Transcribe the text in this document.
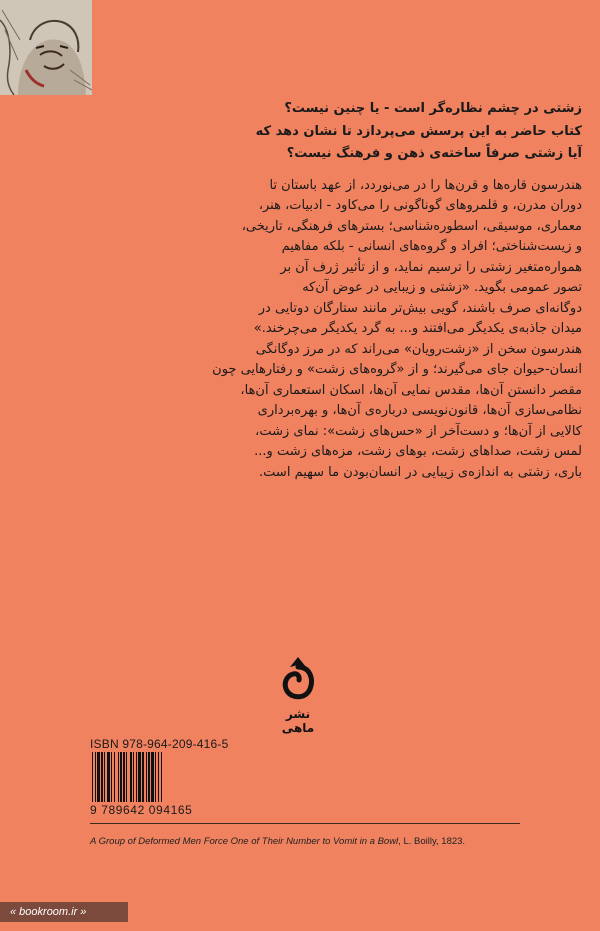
زشتی در چشم نظاره‌گر است - یا چنین نیست؟

کتاب حاضر به این پرسش می‌پردازد تا نشان دهد که

آیا زشتی صرفاً ساخته‌ی ذهن و فرهنگ نیست؟

هندرسون قاره‌ها و قرن‌ها را در می‌نوردد، از عهد باستان تا

دوران مدرن، و قلمروهای گوناگونی را می‌کاود - ادبیات، هنر،

معماری، موسیقی، اسطوره‌شناسی؛ بسترهای فرهنگی، تاریخی،

و زیست‌شناختی؛ افراد و گروه‌های انسانی - بلکه مفاهیم

همواره‌متغیر زشتی را ترسیم نماید، و از تأثیر ژرف آن بر

تصور عمومی بگوید. «زشتی و زیبایی در عوض آن‌که

دوگانه‌ای صرف باشند، گویی بیش‌تر مانند ستارگان دوتایی در

میدان جاذبه‌ی یکدیگر می‌افتند و... به گرد یکدیگر می‌چرخند.»

هندرسون سخن از «زشت‌رویان» می‌راند که در مرز دوگانگی

انسان-حیوان جای می‌گیرند؛ و از «گروه‌های زشت» و رفتارهایی چون

مقصر دانستن آن‌ها، مقدس نمایی آن‌ها، اسکان استعماری آن‌ها،

نظامی‌سازی آن‌ها، قانون‌نویسی درباره‌ی آن‌ها، و بهره‌برداری

کالایی از آن‌ها؛ و دست‌آخر از «حس‌های زشت»: نمای زشت،

لمس زشت، صداهای زشت، بوهای زشت، مزه‌های زشت و...

باری، زشتی به اندازه‌ی زیبایی در انسان‌بودن ما سهیم است.

نشر ماهی
ISBN 978-964-209-416-5
9 789642 094165
A Group of Deformed Men Force One of Their Number to Vomit in a Bowl, L. Boilly, 1823.
« bookroom.ir »
